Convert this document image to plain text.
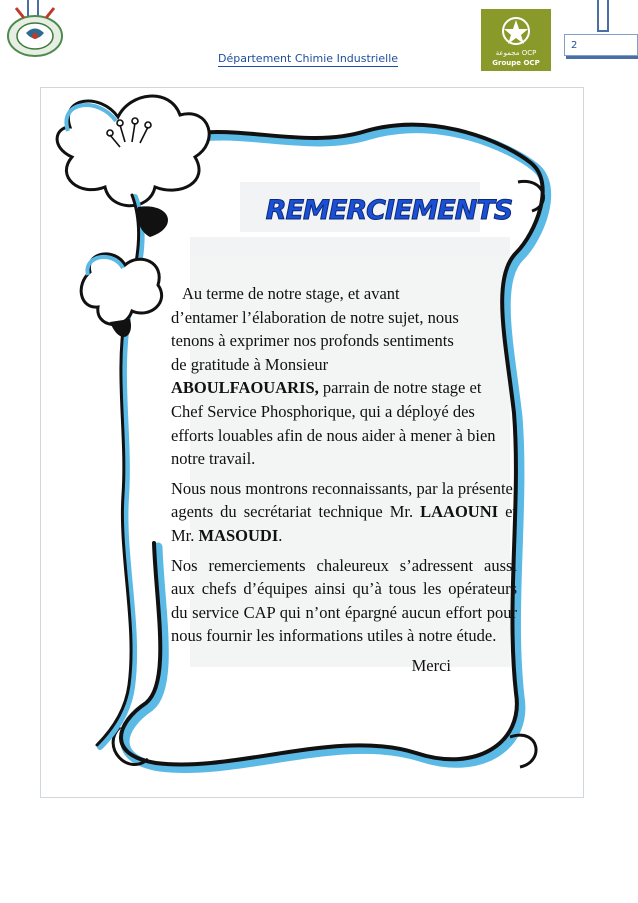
Département Chimie Industrielle	مجموعة OCP
Groupe OCP
2
REMERCIEMENTS

Au terme de notre stage, et avant
d’entamer l’élaboration de notre sujet, nous
tenons à exprimer nos profonds sentiments
de gratitude à Monsieur
ABOULFAOUARIS, parrain de notre stage et Chef Service Phosphorique, qui a déployé des efforts louables afin de nous aider à mener à bien notre travail.

Nous nous montrons reconnaissants, par la présente, agents du secrétariat technique Mr. LAAOUNI et Mr. MASOUDI.

Nos remerciements chaleureux s’adressent aussi aux chefs d’équipes ainsi qu’à tous les opérateurs du service CAP qui n’ont épargné aucun effort pour nous fournir les informations utiles à notre étude.

Merci
